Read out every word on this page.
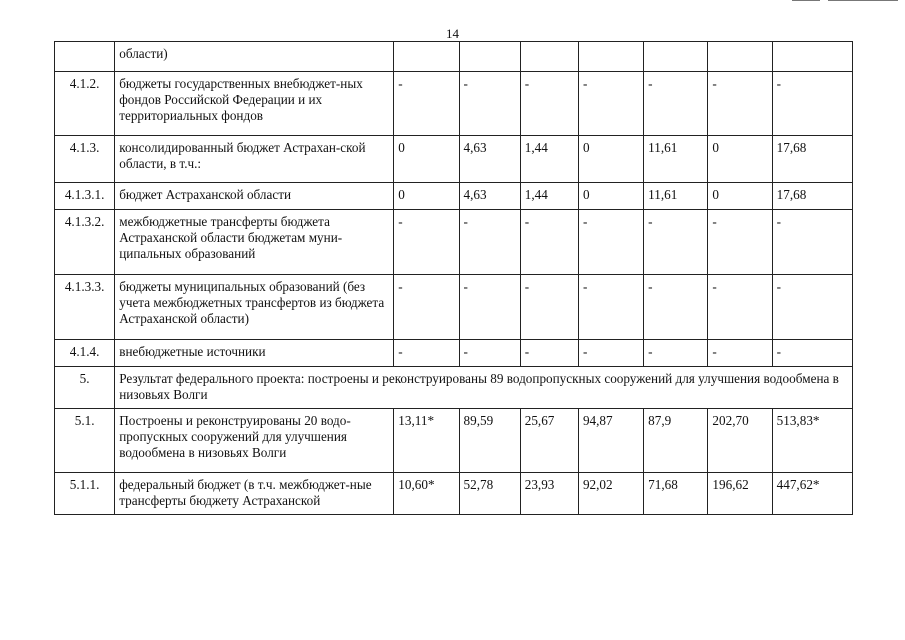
14
	области)							
4.1.2.	бюджеты государственных внебюджет-ных фондов Российской Федерации и их территориальных фондов	-	-	-	-	-	-	-
4.1.3.	консолидированный бюджет Астрахан-ской области, в т.ч.:	0	4,63	1,44	0	11,61	0	17,68
4.1.3.1.	бюджет Астраханской области	0	4,63	1,44	0	11,61	0	17,68
4.1.3.2.	межбюджетные трансферты бюджета Астраханской области бюджетам муни-ципальных образований	-	-	-	-	-	-	-
4.1.3.3.	бюджеты муниципальных образований (без учета межбюджетных трансфертов из бюджета Астраханской области)	-	-	-	-	-	-	-
4.1.4.	внебюджетные источники	-	-	-	-	-	-	-
5.	Результат федерального проекта: построены и реконструированы 89 водопропускных сооружений для улучшения водообмена в низовьях Волги							
5.1.	Построены и реконструированы 20 водо-пропускных сооружений для улучшения водообмена в низовьях Волги	13,11*	89,59	25,67	94,87	87,9	202,70	513,83*
5.1.1.	федеральный бюджет (в т.ч. межбюджет-ные трансферты бюджету Астраханской	10,60*	52,78	23,93	92,02	71,68	196,62	447,62*
